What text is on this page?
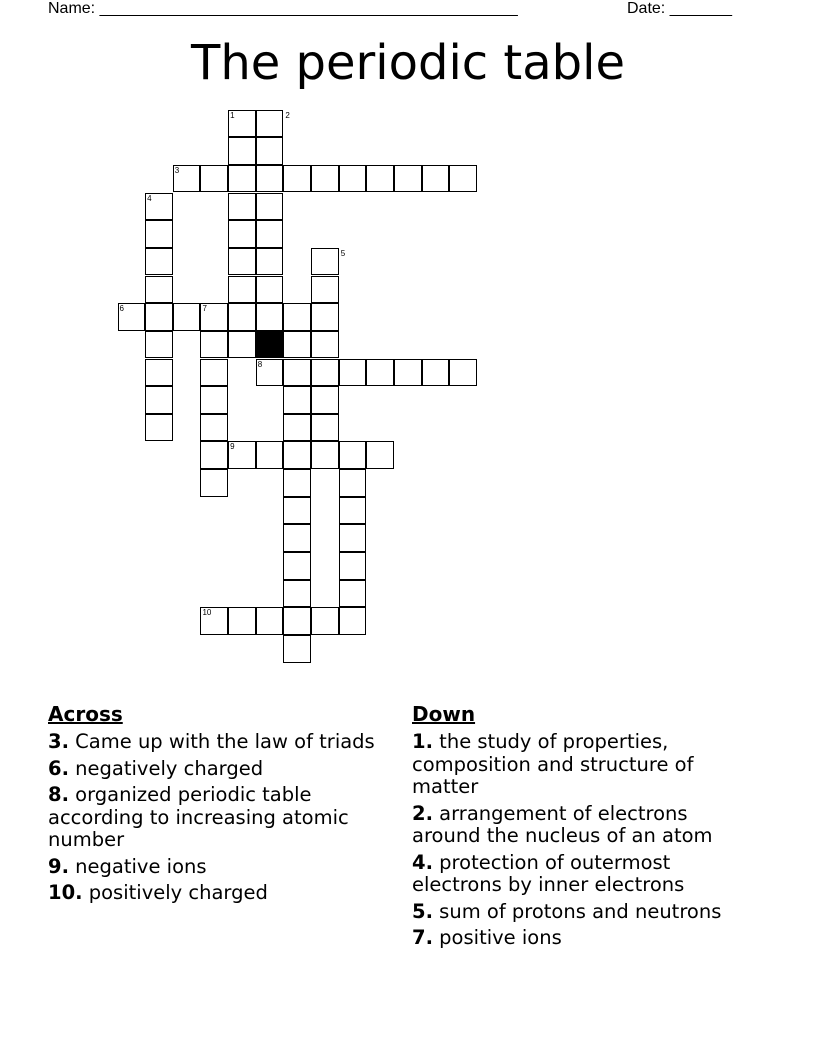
Name: _______________________________________________	Date: _______
The periodic table
1	2
3
4
5
6	7
8
9
10
Across
3. Came up with the law of triads
6. negatively charged
8. organized periodic table according to increasing atomic number
9. negative ions
10. positively charged
Down
1. the study of properties, composition and structure of matter
2. arrangement of electrons around the nucleus of an atom
4. protection of outermost electrons by inner electrons
5. sum of protons and neutrons
7. positive ions
